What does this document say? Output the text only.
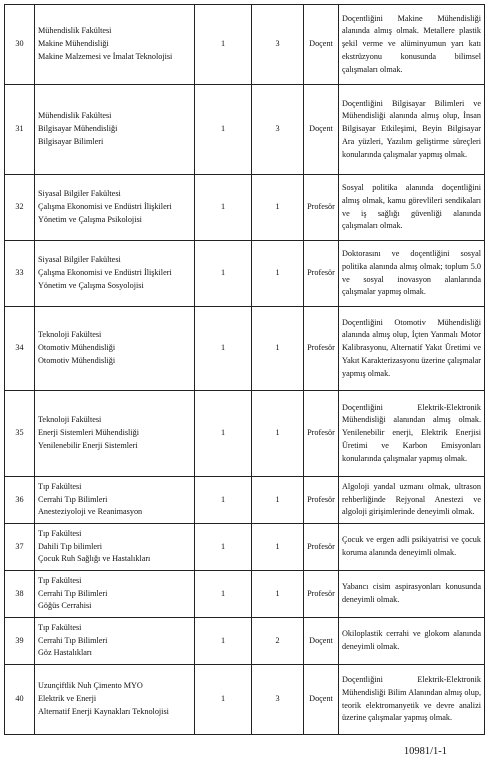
30	Mühendislik Fakültesi
Makine Mühendisliği
Makine Malzemesi ve İmalat Teknolojisi	1	3	Doçent	Doçentliğini Makine Mühendisliği alanında almış olmak. Metallere plastik şekil verme ve alüminyumun yarı katı ekstrüzyonu konusunda bilimsel çalışmaları olmak.

31	Mühendislik Fakültesi
Bilgisayar Mühendisliği
Bilgisayar Bilimleri	1	3	Doçent	Doçentliğini Bilgisayar Bilimleri ve Mühendisliği alanında almış olup, İnsan Bilgisayar Etkileşimi, Beyin Bilgisayar Ara yüzleri, Yazılım geliştirme süreçleri konularında çalışmalar yapmış olmak.

32	Siyasal Bilgiler Fakültesi
Çalışma Ekonomisi ve Endüstri İlişkileri
Yönetim ve Çalışma Psikolojisi	1	1	Profesör	Sosyal politika alanında doçentliğini almış olmak, kamu görevlileri sendikaları ve iş sağlığı güvenliği alanında çalışmaları olmak.

33	Siyasal Bilgiler Fakültesi
Çalışma Ekonomisi ve Endüstri İlişkileri
Yönetim ve Çalışma Sosyolojisi	1	1	Profesör	Doktorasını ve doçentliğini sosyal politika alanında almış olmak; toplum 5.0 ve sosyal inovasyon alanlarında çalışmalar yapmış olmak.

34	Teknoloji Fakültesi
Otomotiv Mühendisliği
Otomotiv Mühendisliği	1	1	Profesör	Doçentliğini Otomotiv Mühendisliği alanında almış olup, İçten Yanmalı Motor Kalibrasyonu, Alternatif Yakıt Üretimi ve Yakıt Karakterizasyonu üzerine çalışmalar yapmış olmak.

35	Teknoloji Fakültesi
Enerji Sistemleri Mühendisliği
Yenilenebilir Enerji Sistemleri	1	1	Profesör	Doçentliğini Elektrik-Elektronik Mühendisliği alanından almış olmak. Yenilenebilir enerji, Elektrik Enerjisi Üretimi ve Karbon Emisyonları konularında çalışmalar yapmış olmak.

36	Tıp Fakültesi
Cerrahi Tıp Bilimleri
Anesteziyoloji ve Reanimasyon	1	1	Profesör	Algoloji yandal uzmanı olmak, ultrason rehberliğinde Rejyonal Anestezi ve algoloji girişimlerinde deneyimli olmak.

37	Tıp Fakültesi
Dahili Tıp bilimleri
Çocuk Ruh Sağlığı ve Hastalıkları	1	1	Profesör	Çocuk ve ergen adli psikiyatrisi ve çocuk koruma alanında deneyimli olmak.

38	Tıp Fakültesi
Cerrahi Tıp Bilimleri
Göğüs Cerrahisi	1	1	Profesör	Yabancı cisim aspirasyonları konusunda deneyimli olmak.

39	Tıp Fakültesi
Cerrahi Tıp Bilimleri
Göz Hastalıkları	1	2	Doçent	Okiloplastik cerrahi ve glokom alanında deneyimli olmak.

40	Uzunçiftlik Nuh Çimento MYO
Elektrik ve Enerji
Alternatif Enerji Kaynakları Teknolojisi	1	3	Doçent	Doçentliğini Elektrik-Elektronik Mühendisliği Bilim Alanından almış olup, teorik elektromanyetik ve devre analizi üzerine çalışmalar yapmış olmak.
10981/1-1
